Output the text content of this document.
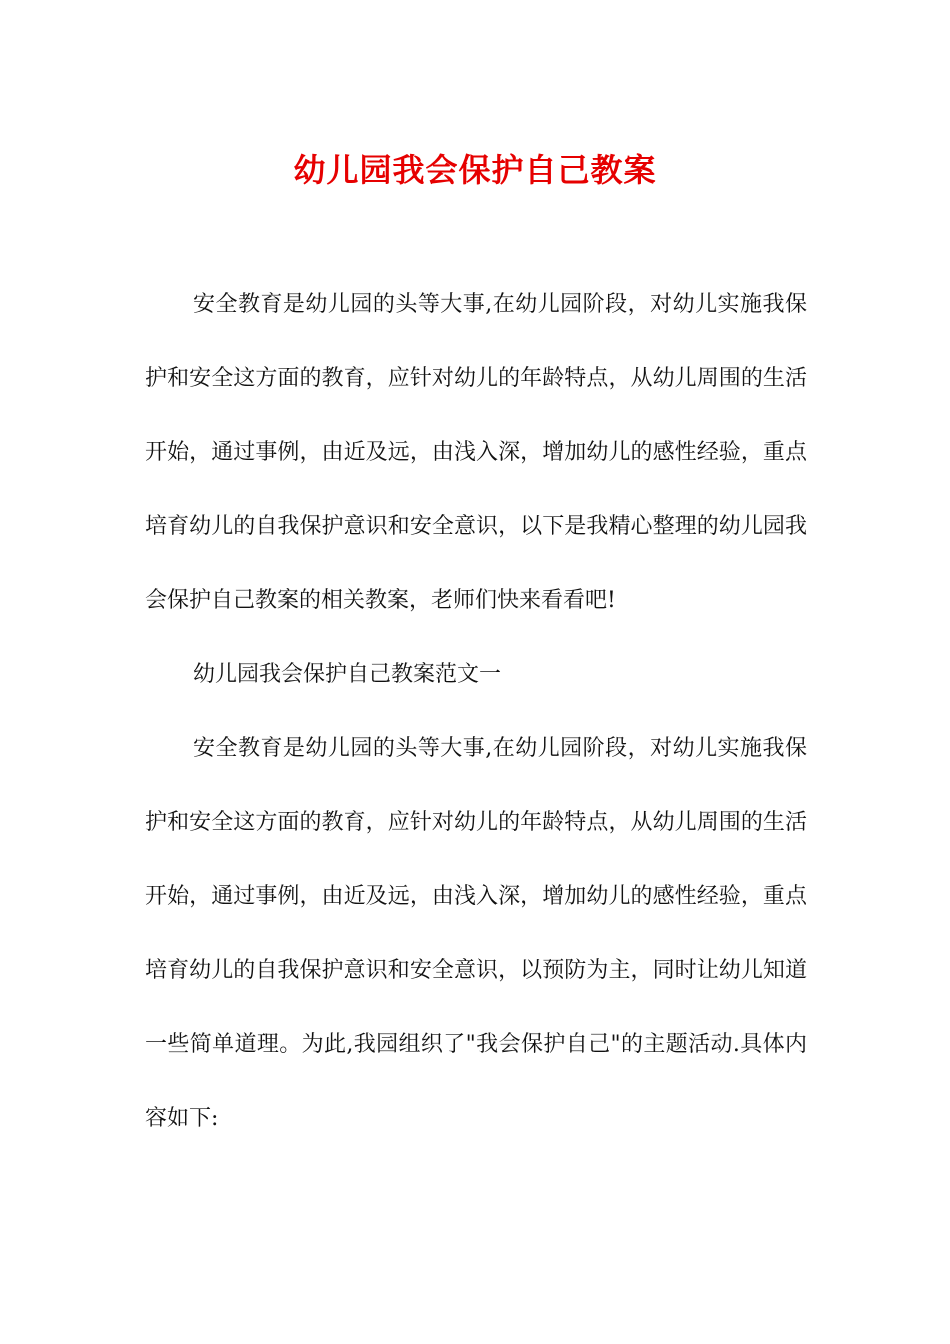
幼儿园我会保护自己教案

安全教育是幼儿园的头等大事,在幼儿园阶段，对幼儿实施我保护和安全这方面的教育，应针对幼儿的年龄特点，从幼儿周围的生活开始，通过事例，由近及远，由浅入深，增加幼儿的感性经验，重点培育幼儿的自我保护意识和安全意识，以下是我精心整理的幼儿园我会保护自己教案的相关教案，老师们快来看看吧!

幼儿园我会保护自己教案范文一

安全教育是幼儿园的头等大事,在幼儿园阶段，对幼儿实施我保护和安全这方面的教育，应针对幼儿的年龄特点，从幼儿周围的生活开始，通过事例，由近及远，由浅入深，增加幼儿的感性经验，重点培育幼儿的自我保护意识和安全意识，以预防为主，同时让幼儿知道一些简单道理。为此,我园组织了"我会保护自己"的主题活动.具体内容如下:
